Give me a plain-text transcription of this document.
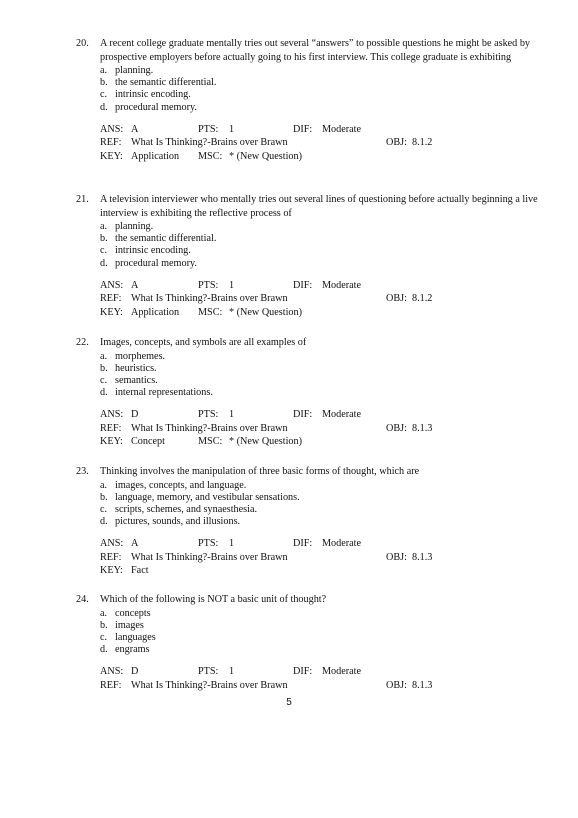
20. A recent college graduate mentally tries out several “answers” to possible questions he might be asked by prospective employers before actually going to his first interview. This college graduate is exhibiting
a. planning.
b. the semantic differential.
c. intrinsic encoding.
d. procedural memory.
ANS: A	PTS: 1	DIF: Moderate
REF: What Is Thinking?-Brains over Brawn	OBJ: 8.1.2
KEY: Application MSC: * (New Question)
21. A television interviewer who mentally tries out several lines of questioning before actually beginning a live interview is exhibiting the reflective process of
a. planning.
b. the semantic differential.
c. intrinsic encoding.
d. procedural memory.
ANS: A	PTS: 1	DIF: Moderate
REF: What Is Thinking?-Brains over Brawn	OBJ: 8.1.2
KEY: Application MSC: * (New Question)
22. Images, concepts, and symbols are all examples of
a. morphemes.
b. heuristics.
c. semantics.
d. internal representations.
ANS: D	PTS: 1	DIF: Moderate
REF: What Is Thinking?-Brains over Brawn	OBJ: 8.1.3
KEY: Concept	MSC: * (New Question)
23. Thinking involves the manipulation of three basic forms of thought, which are
a. images, concepts, and language.
b. language, memory, and vestibular sensations.
c. scripts, schemes, and synaesthesia.
d. pictures, sounds, and illusions.
ANS: A	PTS: 1	DIF: Moderate
REF: What Is Thinking?-Brains over Brawn	OBJ: 8.1.3
KEY: Fact
24. Which of the following is NOT a basic unit of thought?
a. concepts
b. images
c. languages
d. engrams
ANS: D	PTS: 1	DIF: Moderate
REF: What Is Thinking?-Brains over Brawn	OBJ: 8.1.3
5
